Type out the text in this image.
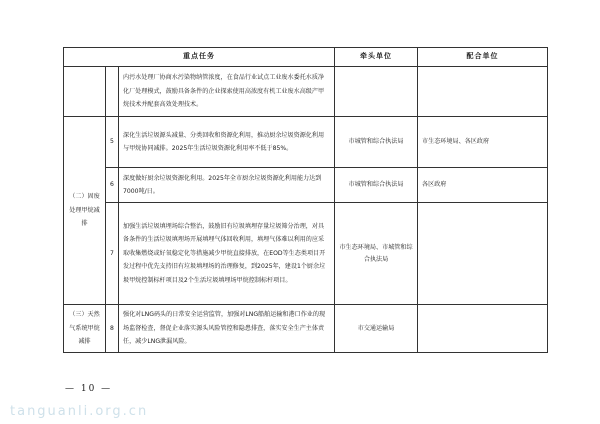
重点任务			牵头单位	配合单位
		内污水处理厂协商水污染物纳管浓度，在食品行业试点工业废水委托水质净化厂处理模式，鼓励具备条件的企业探索使用高浓度有机工业废水高级产甲烷技术并配套高效处理技术。		
（二）固废处理甲烷减排	5	深化生活垃圾源头减量、分类回收和资源化利用，推动厨余垃圾资源化利用与甲烷协同减排。2025年生活垃圾资源化利用率不低于85%。	市城管和综合执法局	市生态环境局、各区政府
	6	深度做好厨余垃圾资源化利用。2025年全市厨余垃圾资源化利用能力达到7000吨/日。	市城管和综合执法局	各区政府
	7	加强生活垃圾填埋场综合整治，鼓励旧有垃圾填埋存量垃圾筛分治理，对具备条件的生活垃圾填埋场开展填埋气体回收利用，填埋气体难以利用的应采取收集燃烧或好氧稳定化等措施减少甲烷直接排放，在EOD等生态类项目开发过程中优先支持旧有垃圾填埋场的治理修复，到2025年，建设1个厨余垃圾甲烷控制标杆项目及2个生活垃圾填埋场甲烷控制标杆项目。	市生态环境局、市城管和综合执法局	
（三）天然气系统甲烷减排	8	强化对LNG码头的日常安全运营监管，加强对LNG船舶运输和港口作业的现场监督检查，督促企业落实源头风险管控和隐患排查，落实安全生产主体责任，减少LNG泄漏风险。	市交通运输局	
— 10 —
tanguanli.org.cn
